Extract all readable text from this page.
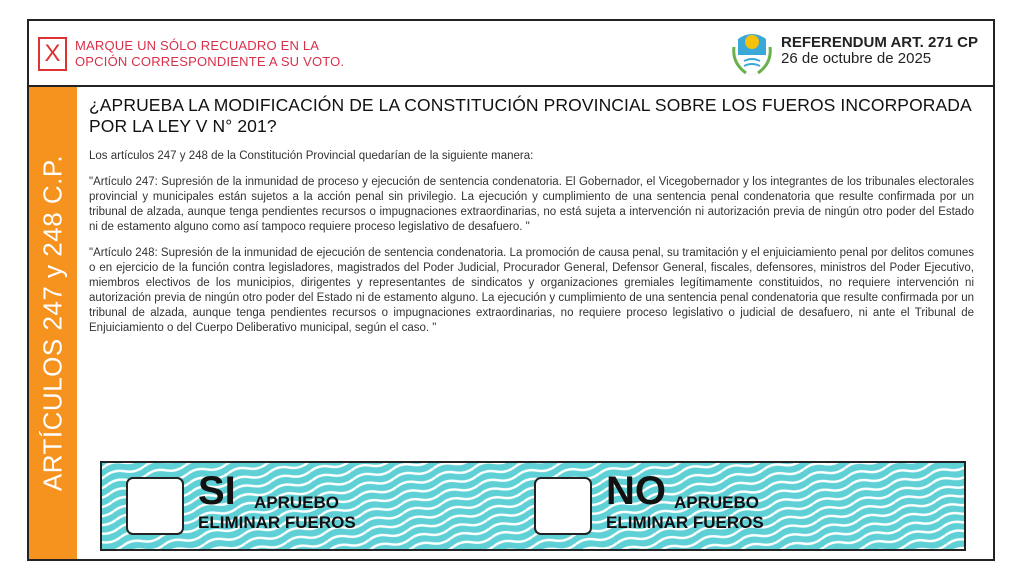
X	MARQUE UN SÓLO RECUADRO EN LA
OPCIÓN CORRESPONDIENTE A SU VOTO.
REFERENDUM ART. 271 CP
26 de octubre de 2025
ARTÍCULOS 247 y 248 C.P.

¿APRUEBA LA MODIFICACIÓN DE LA CONSTITUCIÓN PROVINCIAL SOBRE LOS FUEROS INCORPORADA POR LA LEY V N° 201?

Los artículos 247 y 248 de la Constitución Provincial quedarían de la siguiente manera:

"Artículo 247: Supresión de la inmunidad de proceso y ejecución de sentencia condenatoria. El Gobernador, el Vicegobernador y los integrantes de los tribunales electorales provincial y municipales están sujetos a la acción penal sin privilegio. La ejecución y cumplimiento de una sentencia penal condenatoria que resulte confirmada por un tribunal de alzada, aunque tenga pendientes recursos o impugnaciones extraordinarias, no está sujeta a intervención ni autorización previa de ningún otro poder del Estado ni de estamento alguno como así tampoco requiere proceso legislativo de desafuero. "

"Artículo 248: Supresión de la inmunidad de ejecución de sentencia condenatoria. La promoción de causa penal, su tramitación y el enjuiciamiento penal por delitos comunes o en ejercicio de la función contra legisladores, magistrados del Poder Judicial, Procurador General, Defensor General, fiscales, defensores, ministros del Poder Ejecutivo, miembros electivos de los municipios, dirigentes y representantes de sindicatos y organizaciones gremiales legítimamente constituidos, no requiere intervención ni autorización previa de ningún otro poder del Estado ni de estamento alguno. La ejecución y cumplimiento de una sentencia penal condenatoria que resulte confirmada por un tribunal de alzada, aunque tenga pendientes recursos o impugnaciones extraordinarias, no requiere proceso legislativo o judicial de desafuero, ni ante el Tribunal de Enjuiciamiento o del Cuerpo Deliberativo municipal, según el caso. "

SI APRUEBO
ELIMINAR FUEROS
NO APRUEBO
ELIMINAR FUEROS
